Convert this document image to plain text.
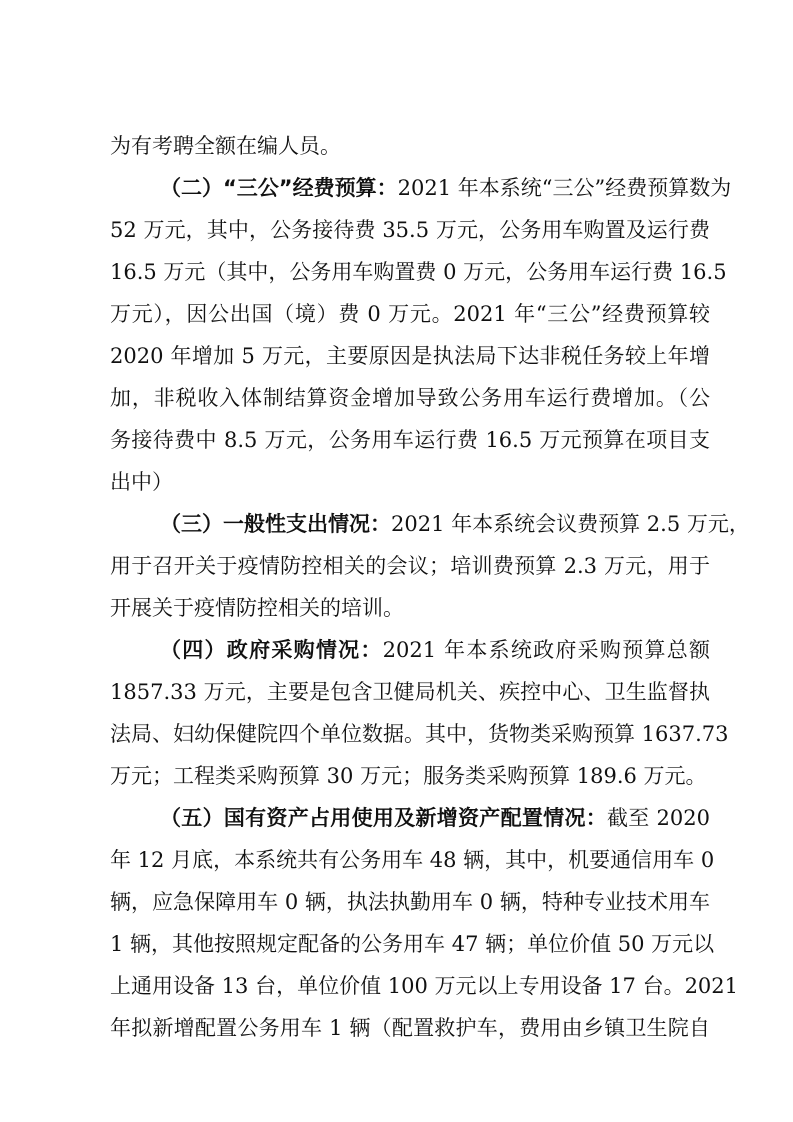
为有考聘全额在编人员。
（二）“三公”经费预算：2021 年本系统“三公”经费预算数为
52 万元，其中，公务接待费 35.5 万元，公务用车购置及运行费
16.5 万元（其中，公务用车购置费 0 万元，公务用车运行费 16.5
万元），因公出国（境）费 0 万元。2021 年“三公”经费预算较
2020 年增加 5 万元，主要原因是执法局下达非税任务较上年增
加，非税收入体制结算资金增加导致公务用车运行费增加。（公
务接待费中 8.5 万元，公务用车运行费 16.5 万元预算在项目支
出中）
（三）一般性支出情况：2021 年本系统会议费预算 2.5 万元，
用于召开关于疫情防控相关的会议；培训费预算 2.3 万元，用于
开展关于疫情防控相关的培训。
（四）政府采购情况：2021 年本系统政府采购预算总额
1857.33 万元，主要是包含卫健局机关、疾控中心、卫生监督执
法局、妇幼保健院四个单位数据。其中，货物类采购预算 1637.73
万元；工程类采购预算 30 万元；服务类采购预算 189.6 万元。
（五）国有资产占用使用及新增资产配置情况：截至 2020
年 12 月底，本系统共有公务用车 48 辆，其中，机要通信用车 0
辆，应急保障用车 0 辆，执法执勤用车 0 辆，特种专业技术用车
1 辆，其他按照规定配备的公务用车 47 辆；单位价值 50 万元以
上通用设备 13 台，单位价值 100 万元以上专用设备 17 台。2021
年拟新增配置公务用车 1 辆（配置救护车，费用由乡镇卫生院自
